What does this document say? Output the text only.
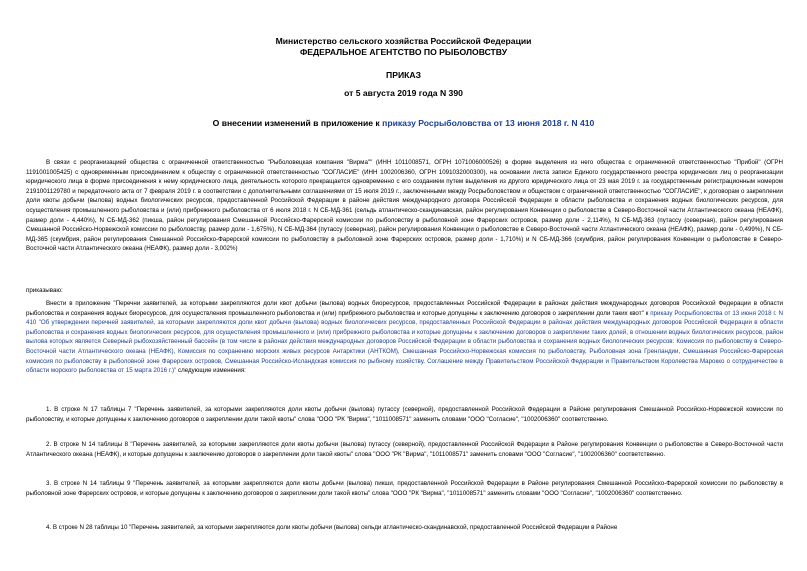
Министерство сельского хозяйства Российской Федерации
ФЕДЕРАЛЬНОЕ АГЕНТСТВО ПО РЫБОЛОВСТВУ
ПРИКАЗ
от 5 августа 2019 года N 390
О внесении изменений в приложение к приказу Росрыболовства от 13 июня 2018 г. N 410

В связи с реорганизацией общества с ограниченной ответственностью "Рыболовецкая компания "Вирма"" (ИНН 1011008571, ОГРН 1071006000526) в форме выделения из него общества с ограниченной ответственностью "Прибой" (ОГРН 1191001005425) с одновременным присоединением к обществу с ограниченной ответственностью "СОГЛАСИЕ" (ИНН 1002006360, ОГРН 1091032000300), на основании листа записи Единого государственного реестра юридических лиц о реорганизации юридического лица в форме присоединения к нему юридического лица, деятельность которого прекращается одновременно с его созданием путем выделения из другого юридического лица от 23 мая 2019 г. за государственным регистрационным номером 2191001129780 и передаточного акта от 7 февраля 2019 г. в соответствии с дополнительными соглашениями от 15 июля 2019 г., заключенными между Росрыболовством и обществом с ограниченной ответственностью "СОГЛАСИЕ", к договорам о закреплении доли квоты добычи (вылова) водных биологических ресурсов, предоставленной Российской Федерации в районе действия международного договора Российской Федерации в области рыболовства и сохранения водных биологических ресурсов, для осуществления промышленного рыболовства и (или) прибрежного рыболовства от 6 июля 2018 г. N СБ-МД-361 (сельдь атлантическо-скандинавская, район регулирования Конвенции о рыболовстве в Северо-Восточной части Атлантического океана (НЕАФК), размер доли - 4,440%), N СБ-МД-362 (пикша, район регулирования Смешанной Российско-Фарерской комиссии по рыболовству в рыболовной зоне Фарерских островов, размер доли - 2,114%), N СБ-МД-363 (путассу (северная), район регулирования Смешанной Российско-Норвежской комиссии по рыболовству, размер доли - 1,675%), N СБ-МД-364 (путассу (северная), район регулирования Конвенции о рыболовстве в Северо-Восточной части Атлантического океана (НЕАФК), размер доли - 0,499%), N СБ-МД-365 (скумбрия, район регулирования Смешанной Российско-Фарерской комиссии по рыболовству в рыболовной зоне Фарерских островов, размер доли - 1,710%) и N СБ-МД-366 (скумбрия, район регулирования Конвенции о рыболовстве в Северо-Восточной части Атлантического океана (НЕАФК), размер доли - 3,002%)

приказываю:

Внести в приложение "Перечни заявителей, за которыми закрепляются доли квот добычи (вылова) водных биоресурсов, предоставленных Российской Федерации в районах действия международных договоров Российской Федерации в области рыболовства и сохранения водных биоресурсов, для осуществления промышленного рыболовства и (или) прибрежного рыболовства и которые допущены к заключению договоров о закреплении доли таких квот" к приказу Росрыболовства от 13 июня 2018 г. N 410 "Об утверждении перечней заявителей, за которыми закрепляются доли квот добычи (вылова) водных биологических ресурсов, предоставленных Российской Федерации в районах действия международных договоров Российской Федерации в области рыболовства и сохранения водных биологических ресурсов, для осуществления промышленного и (или) прибрежного рыболовства и которые допущены к заключению договоров о закреплении таких долей, в отношении водных биологических ресурсов, район вылова которых является Северный рыбохозяйственный бассейн (в том числе в районах действия международных договоров Российской Федерации в области рыболовства и сохранения водных биологических ресурсов: Комиссия по рыболовству в Северо-Восточной части Атлантического океана (НЕАФК), Комиссия по сохранению морских живых ресурсов Антарктики (АНТКОМ), Смешанная Российско-Норвежская комиссия по рыболовству, Рыболовная зона Гренландии, Смешанная Российско-Фарерская комиссия по рыболовству в рыболовной зоне Фарерских островов, Смешанная Российско-Исландская комиссия по рыбному хозяйству, Соглашение между Правительством Российской Федерации и Правительством Королевства Марокко о сотрудничестве в области морского рыболовства от 15 марта 2016 г.)" следующие изменения:

1. В строке N 17 таблицы 7 "Перечень заявителей, за которыми закрепляются доли квоты добычи (вылова) путассу (северной), предоставленной Российской Федерации в Районе регулирования Смешанной Российско-Норвежской комиссии по рыболовству, и которые допущены к заключению договоров о закреплении доли такой квоты" слова "ООО "РК "Вирма", "1011008571" заменить словами "ООО "Согласие", "1002006360" соответственно.

2. В строке N 14 таблицы 8 "Перечень заявителей, за которыми закрепляются доли квоты добычи (вылова) путассу (северной), предоставленной Российской Федерации в Районе регулирования Конвенции о рыболовстве в Северо-Восточной части Атлантического океана (НЕАФК), и которые допущены к заключению договоров о закреплении доли такой квоты" слова "ООО "РК "Вирма", "1011008571" заменить словами "ООО "Согласие", "1002006360" соответственно.

3. В строке N 14 таблицы 9 "Перечень заявителей, за которыми закрепляются доли квоты добычи (вылова) пикши, предоставленной Российской Федерации в Районе регулирования Смешанной Российско-Фарерской комиссии по рыболовству в рыболовной зоне Фарерских островов, и которые допущены к заключению договоров о закреплении доли такой квоты" слова "ООО "РК "Вирма", "1011008571" заменить словами "ООО "Согласие", "1002006360" соответственно.

4. В строке N 28 таблицы 10 "Перечень заявителей, за которыми закрепляются доли квоты добычи (вылова) сельди атлантическо-скандинавской, предоставленной Российской Федерации в Районе
